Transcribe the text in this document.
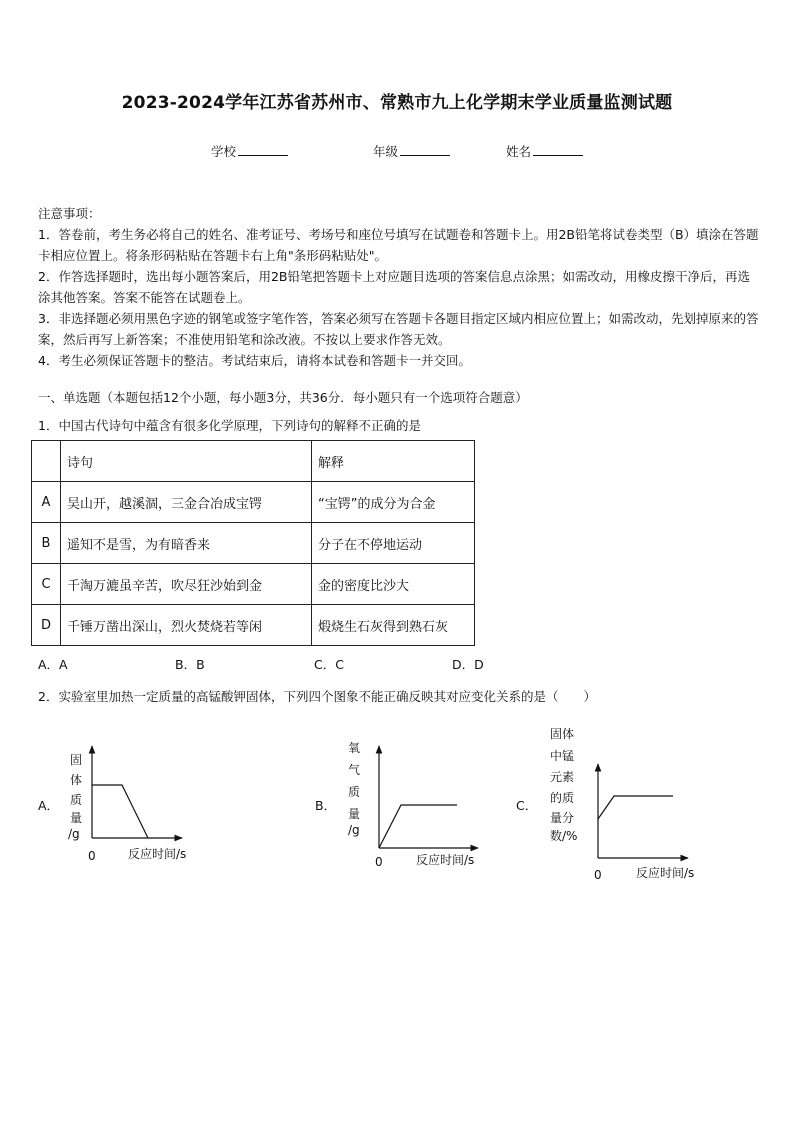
2023-2024学年江苏省苏州市、常熟市九上化学期末学业质量监测试题
学校	年级	姓名

注意事项：

1．答卷前，考生务必将自己的姓名、准考证号、考场号和座位号填写在试题卷和答题卡上。用2B铅笔将试卷类型（B）填涂在答题卡相应位置上。将条形码粘贴在答题卡右上角"条形码粘贴处"。

2．作答选择题时，选出每小题答案后，用2B铅笔把答题卡上对应题目选项的答案信息点涂黑；如需改动，用橡皮擦干净后，再选涂其他答案。答案不能答在试题卷上。

3．非选择题必须用黑色字迹的钢笔或签字笔作答，答案必须写在答题卡各题目指定区域内相应位置上；如需改动，先划掉原来的答案，然后再写上新答案；不准使用铅笔和涂改液。不按以上要求作答无效。

4．考生必须保证答题卡的整洁。考试结束后，请将本试卷和答题卡一并交回。

一、单选题（本题包括12个小题，每小题3分，共36分．每小题只有一个选项符合题意）
1．中国古代诗句中蕴含有很多化学原理，下列诗句的解释不正确的是
	诗句	解释
A	吴山开，越溪涸，三金合冶成宝锷	“宝锷”的成分为合金
B	遥知不是雪，为有暗香来	分子在不停地运动
C	千淘万漉虽辛苦，吹尽狂沙始到金	金的密度比沙大
D	千锤万凿出深山，烈火焚烧若等闲	煅烧生石灰得到熟石灰
A．A	B．B	C．C	D．D
2．实验室里加热一定质量的高锰酸钾固体，下列四个图象不能正确反映其对应变化关系的是（　　）
A．
固
体
质
量
/g
0	反应时间/s
B．
氧
气
质
量
/g
0	反应时间/s
C．
固体
中锰
元素
的质
量分
数/%
0	反应时间/s
